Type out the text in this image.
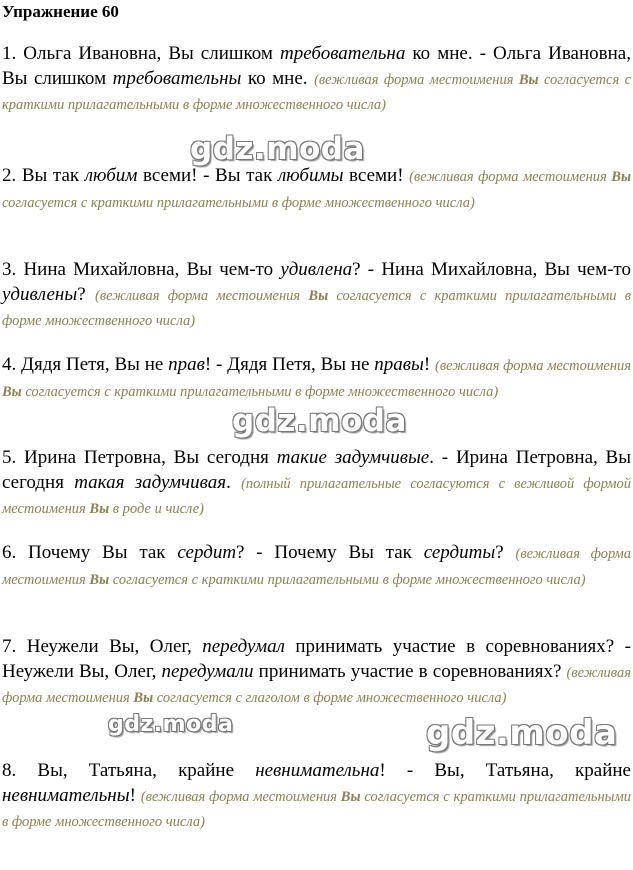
Упражнение 60
1. Ольга Ивановна, Вы слишком требовательна ко мне. - Ольга Ивановна, Вы слишком требовательны ко мне. (вежливая форма местоимения Вы согласуется с краткими прилагательными в форме множественного числа)
2. Вы так любим всеми! - Вы так любимы всеми! (вежливая форма местоимения Вы согласуется с краткими прилагательными в форме множественного числа)
3. Нина Михайловна, Вы чем-то удивлена? - Нина Михайловна, Вы чем-то удивлены? (вежливая форма местоимения Вы согласуется с краткими прилагательными в форме множественного числа)
4. Дядя Петя, Вы не прав! - Дядя Петя, Вы не правы! (вежливая форма местоимения Вы согласуется с краткими прилагательными в форме множественного числа)
5. Ирина Петровна, Вы сегодня такие задумчивые. - Ирина Петровна, Вы сегодня такая задумчивая. (полный прилагательные согласуются с вежливой формой местоимения Вы в роде и числе)
6. Почему Вы так сердит? - Почему Вы так сердиты? (вежливая форма местоимения Вы согласуется с краткими прилагательными в форме множественного числа)
7. Неужели Вы, Олег, передумал принимать участие в соревнованиях? - Неужели Вы, Олег, передумали принимать участие в соревнованиях? (вежливая форма местоимения Вы согласуется с глаголом в форме множественного числа)
8. Вы, Татьяна, крайне невнимательна! - Вы, Татьяна, крайне невнимательны! (вежливая форма местоимения Вы согласуется с краткими прилагательными в форме множественного числа)
gdz.moda
gdz.moda
gdz.moda	gdz.moda
